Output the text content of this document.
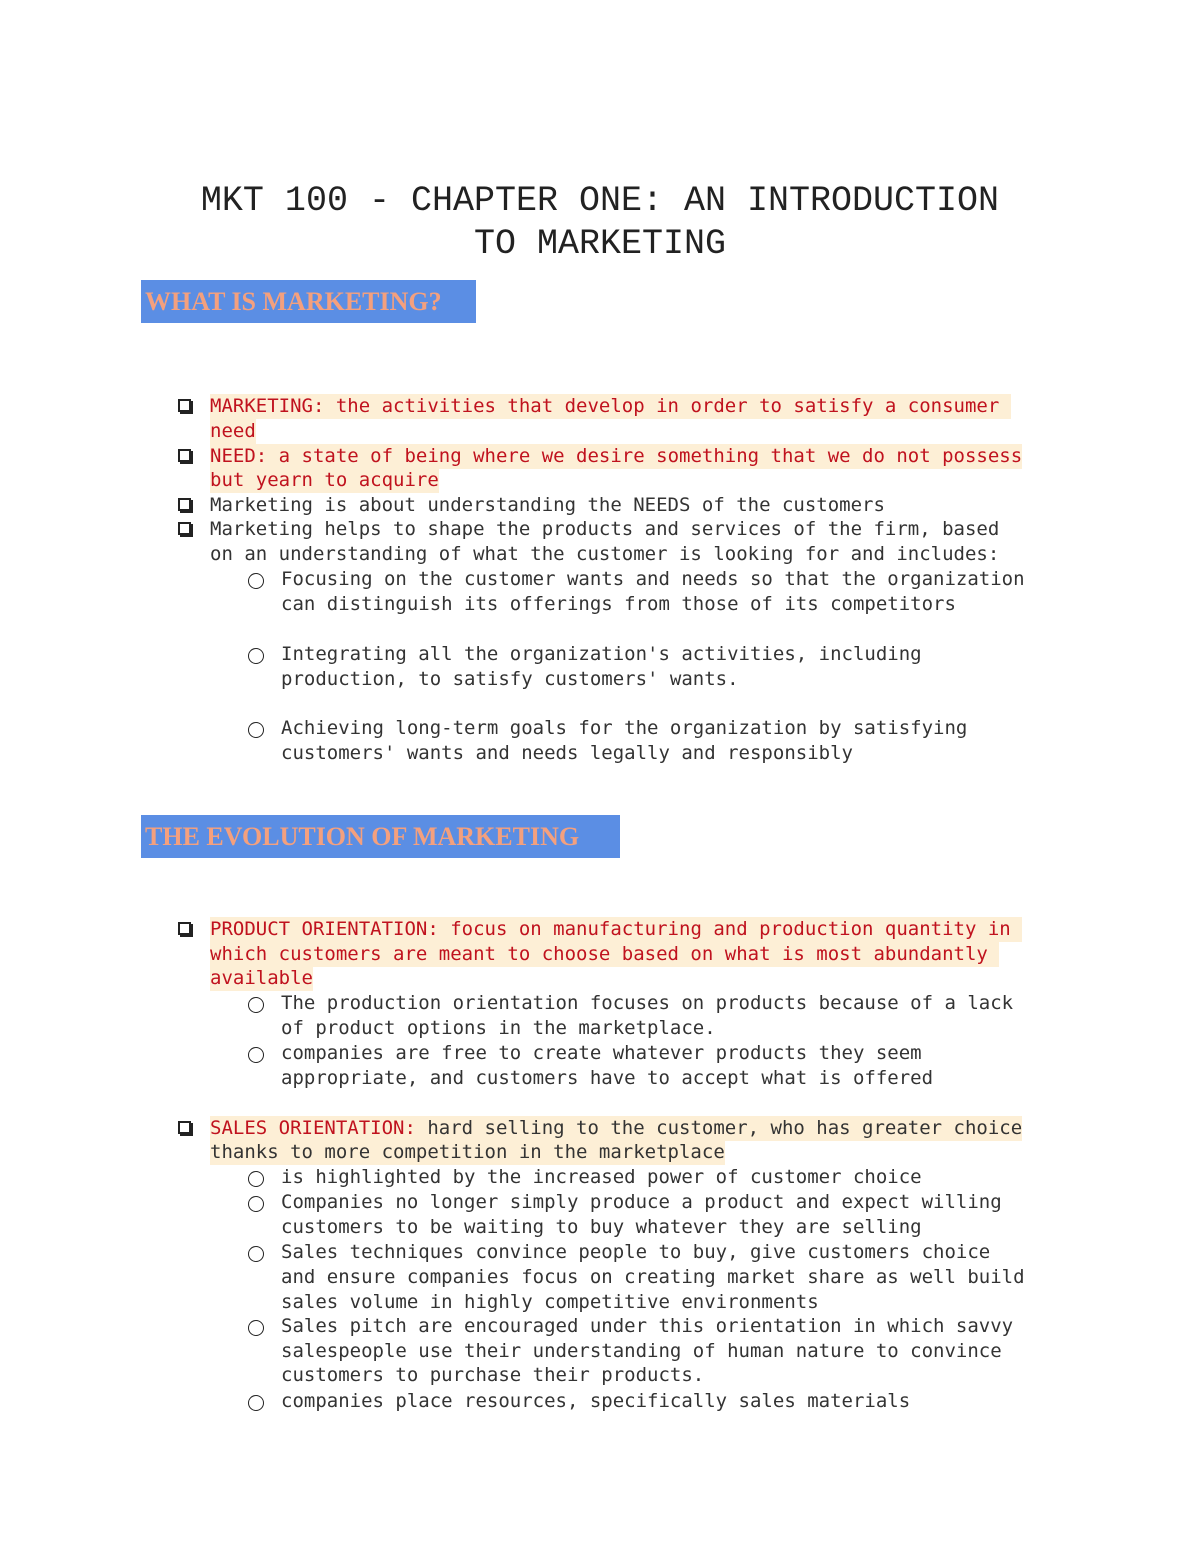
MKT 100 - CHAPTER ONE: AN INTRODUCTION
TO MARKETING
WHAT IS MARKETING?
MARKETING: the activities that develop in order to satisfy a consumer
need
NEED: a state of being where we desire something that we do not possess
but yearn to acquire
Marketing is about understanding the NEEDS of the customers
Marketing helps to shape the products and services of the firm, based
on an understanding of what the customer is looking for and includes:
Focusing on the customer wants and needs so that the organization
can distinguish its offerings from those of its competitors
Integrating all the organization's activities, including
production, to satisfy customers' wants.
Achieving long-term goals for the organization by satisfying
customers' wants and needs legally and responsibly
THE EVOLUTION OF MARKETING
PRODUCT ORIENTATION: focus on manufacturing and production quantity in
which customers are meant to choose based on what is most abundantly
available
The production orientation focuses on products because of a lack
of product options in the marketplace.
companies are free to create whatever products they seem
appropriate, and customers have to accept what is offered
SALES ORIENTATION: hard selling to the customer, who has greater choice
thanks to more competition in the marketplace
is highlighted by the increased power of customer choice
Companies no longer simply produce a product and expect willing
customers to be waiting to buy whatever they are selling
Sales techniques convince people to buy, give customers choice
and ensure companies focus on creating market share as well build
sales volume in highly competitive environments
Sales pitch are encouraged under this orientation in which savvy
salespeople use their understanding of human nature to convince
customers to purchase their products.
companies place resources, specifically sales materials
